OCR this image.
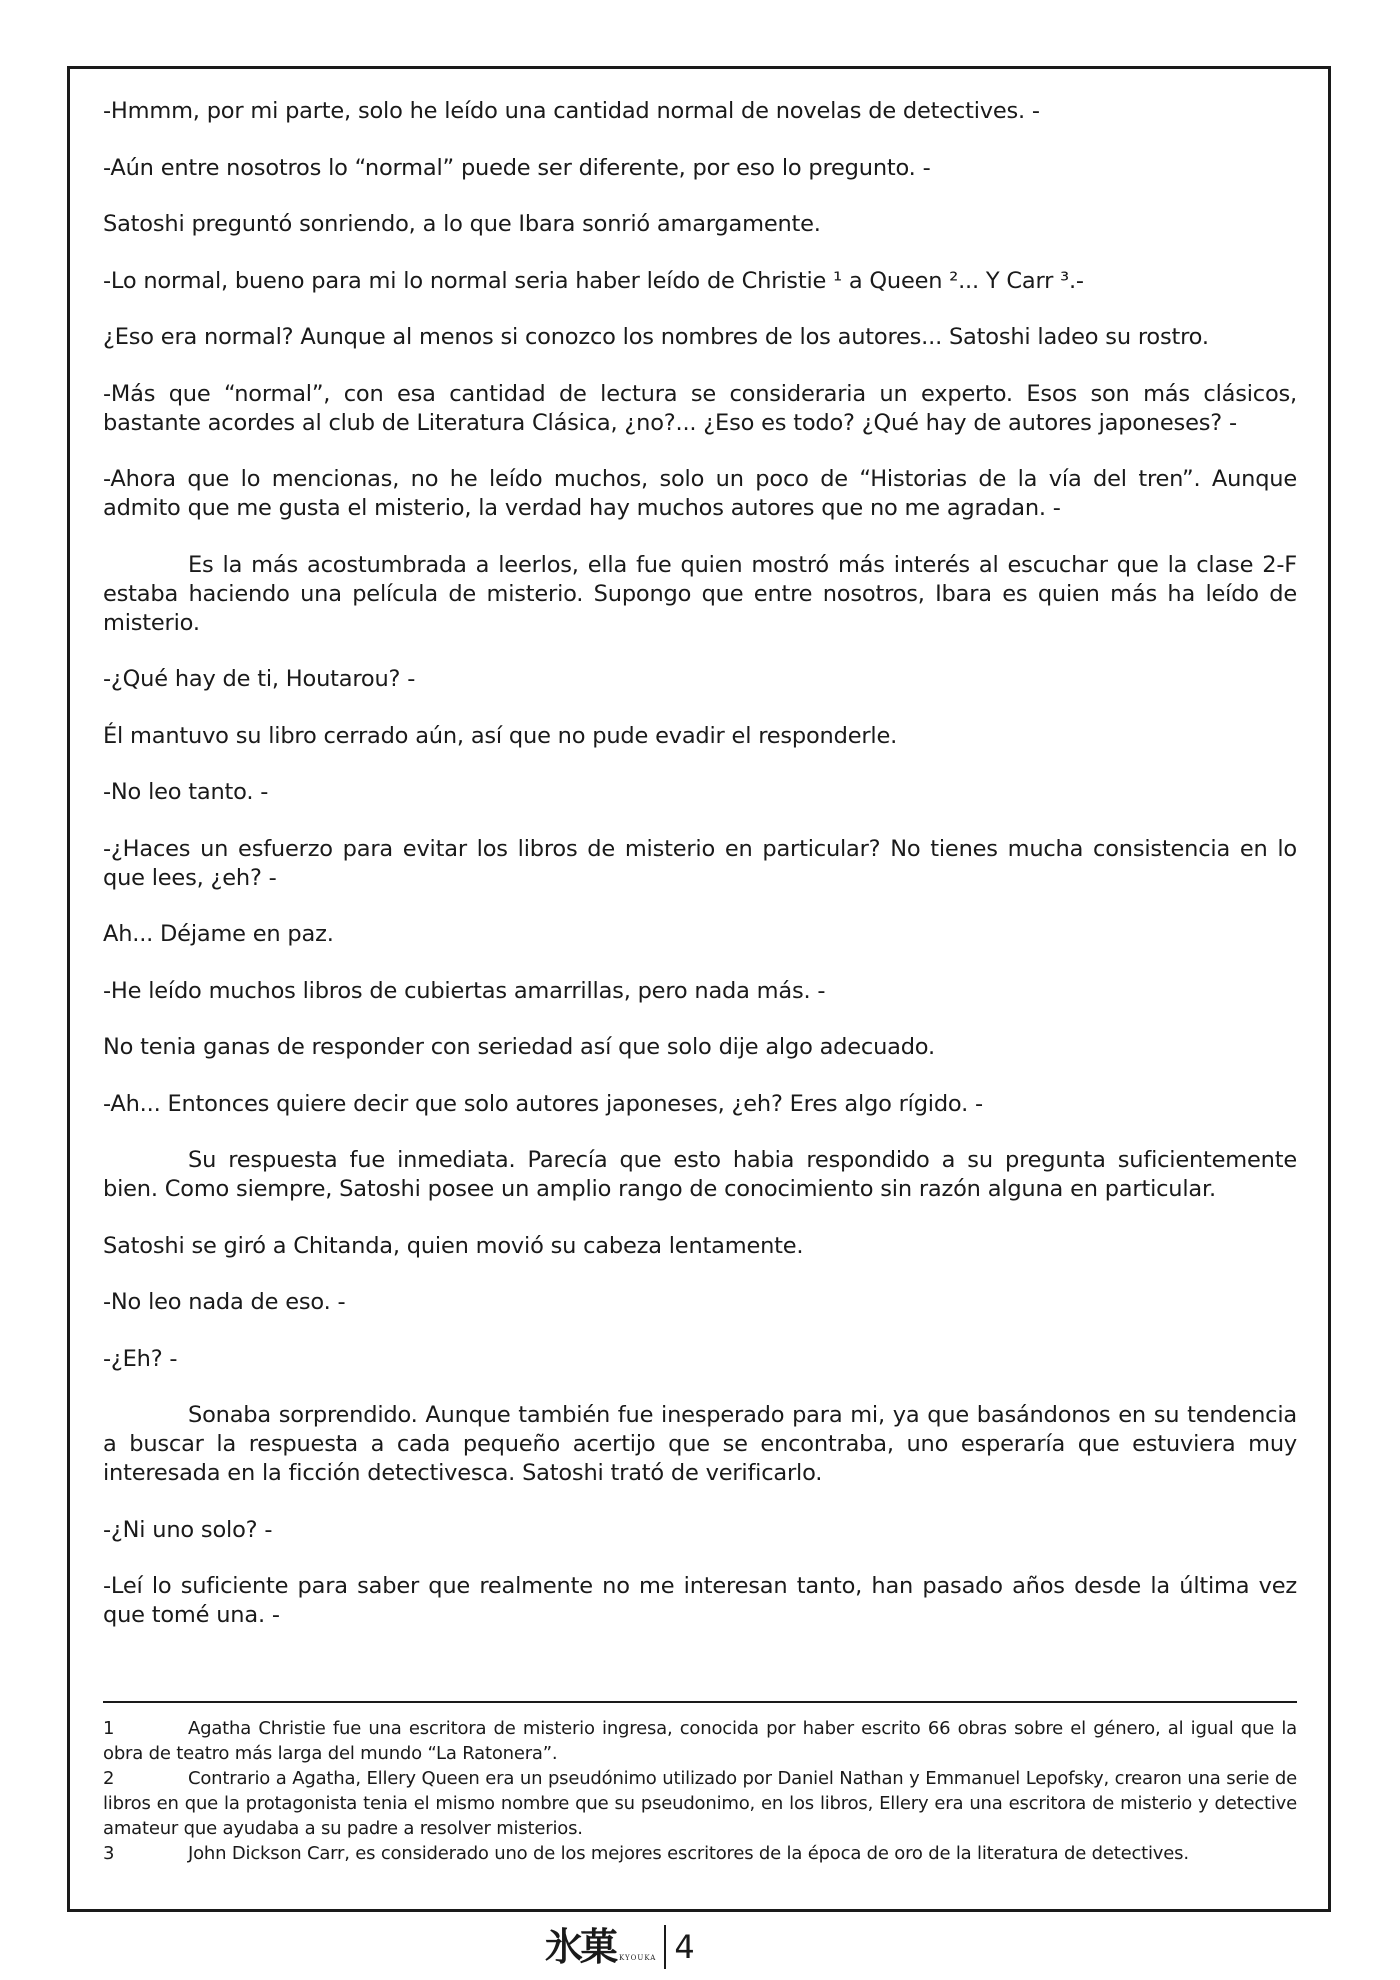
-Hmmm, por mi parte, solo he leído una cantidad normal de novelas de detectives. -

-Aún entre nosotros lo “normal” puede ser diferente, por eso lo pregunto. -

Satoshi preguntó sonriendo, a lo que Ibara sonrió amargamente.

-Lo normal, bueno para mi lo normal seria haber leído de Christie ¹ a Queen ²... Y Carr ³.-

¿Eso era normal? Aunque al menos si conozco los nombres de los autores... Satoshi ladeo su rostro.

-Más que “normal”, con esa cantidad de lectura se consideraria un experto. Esos son más clásicos, bastante acordes al club de Literatura Clásica, ¿no?... ¿Eso es todo? ¿Qué hay de autores japoneses? -

-Ahora que lo mencionas, no he leído muchos, solo un poco de “Historias de la vía del tren”. Aunque admito que me gusta el misterio, la verdad hay muchos autores que no me agradan. -

Es la más acostumbrada a leerlos, ella fue quien mostró más interés al escuchar que la clase 2-F estaba haciendo una película de misterio. Supongo que entre nosotros, Ibara es quien más ha leído de misterio.

-¿Qué hay de ti, Houtarou? -

Él mantuvo su libro cerrado aún, así que no pude evadir el responderle.

-No leo tanto. -

-¿Haces un esfuerzo para evitar los libros de misterio en particular? No tienes mucha consistencia en lo que lees, ¿eh? -

Ah... Déjame en paz.

-He leído muchos libros de cubiertas amarrillas, pero nada más. -

No tenia ganas de responder con seriedad así que solo dije algo adecuado.

-Ah... Entonces quiere decir que solo autores japoneses, ¿eh? Eres algo rígido. -

Su respuesta fue inmediata. Parecía que esto habia respondido a su pregunta suficientemente bien. Como siempre, Satoshi posee un amplio rango de conocimiento sin razón alguna en particular.

Satoshi se giró a Chitanda, quien movió su cabeza lentamente.

-No leo nada de eso. -

-¿Eh? -

Sonaba sorprendido. Aunque también fue inesperado para mi, ya que basándonos en su tendencia a buscar la respuesta a cada pequeño acertijo que se encontraba, uno esperaría que estuviera muy interesada en la ficción detectivesca. Satoshi trató de verificarlo.

-¿Ni uno solo? -

-Leí lo suficiente para saber que realmente no me interesan tanto, han pasado años desde la última vez que tomé una. -

1	Agatha Christie fue una escritora de misterio ingresa, conocida por haber escrito 66 obras sobre el género, al igual que la obra de teatro más larga del mundo “La Ratonera”.

2	Contrario a Agatha, Ellery Queen era un pseudónimo utilizado por Daniel Nathan y Emmanuel Lepofsky, crearon una serie de libros en que la protagonista tenia el mismo nombre que su pseudonimo, en los libros, Ellery era una escritora de misterio y detective amateur que ayudaba a su padre a resolver misterios.

3	John Dickson Carr, es considerado uno de los mejores escritores de la época de oro de la literatura de detectives.

氷菓 KYOUKA 4
